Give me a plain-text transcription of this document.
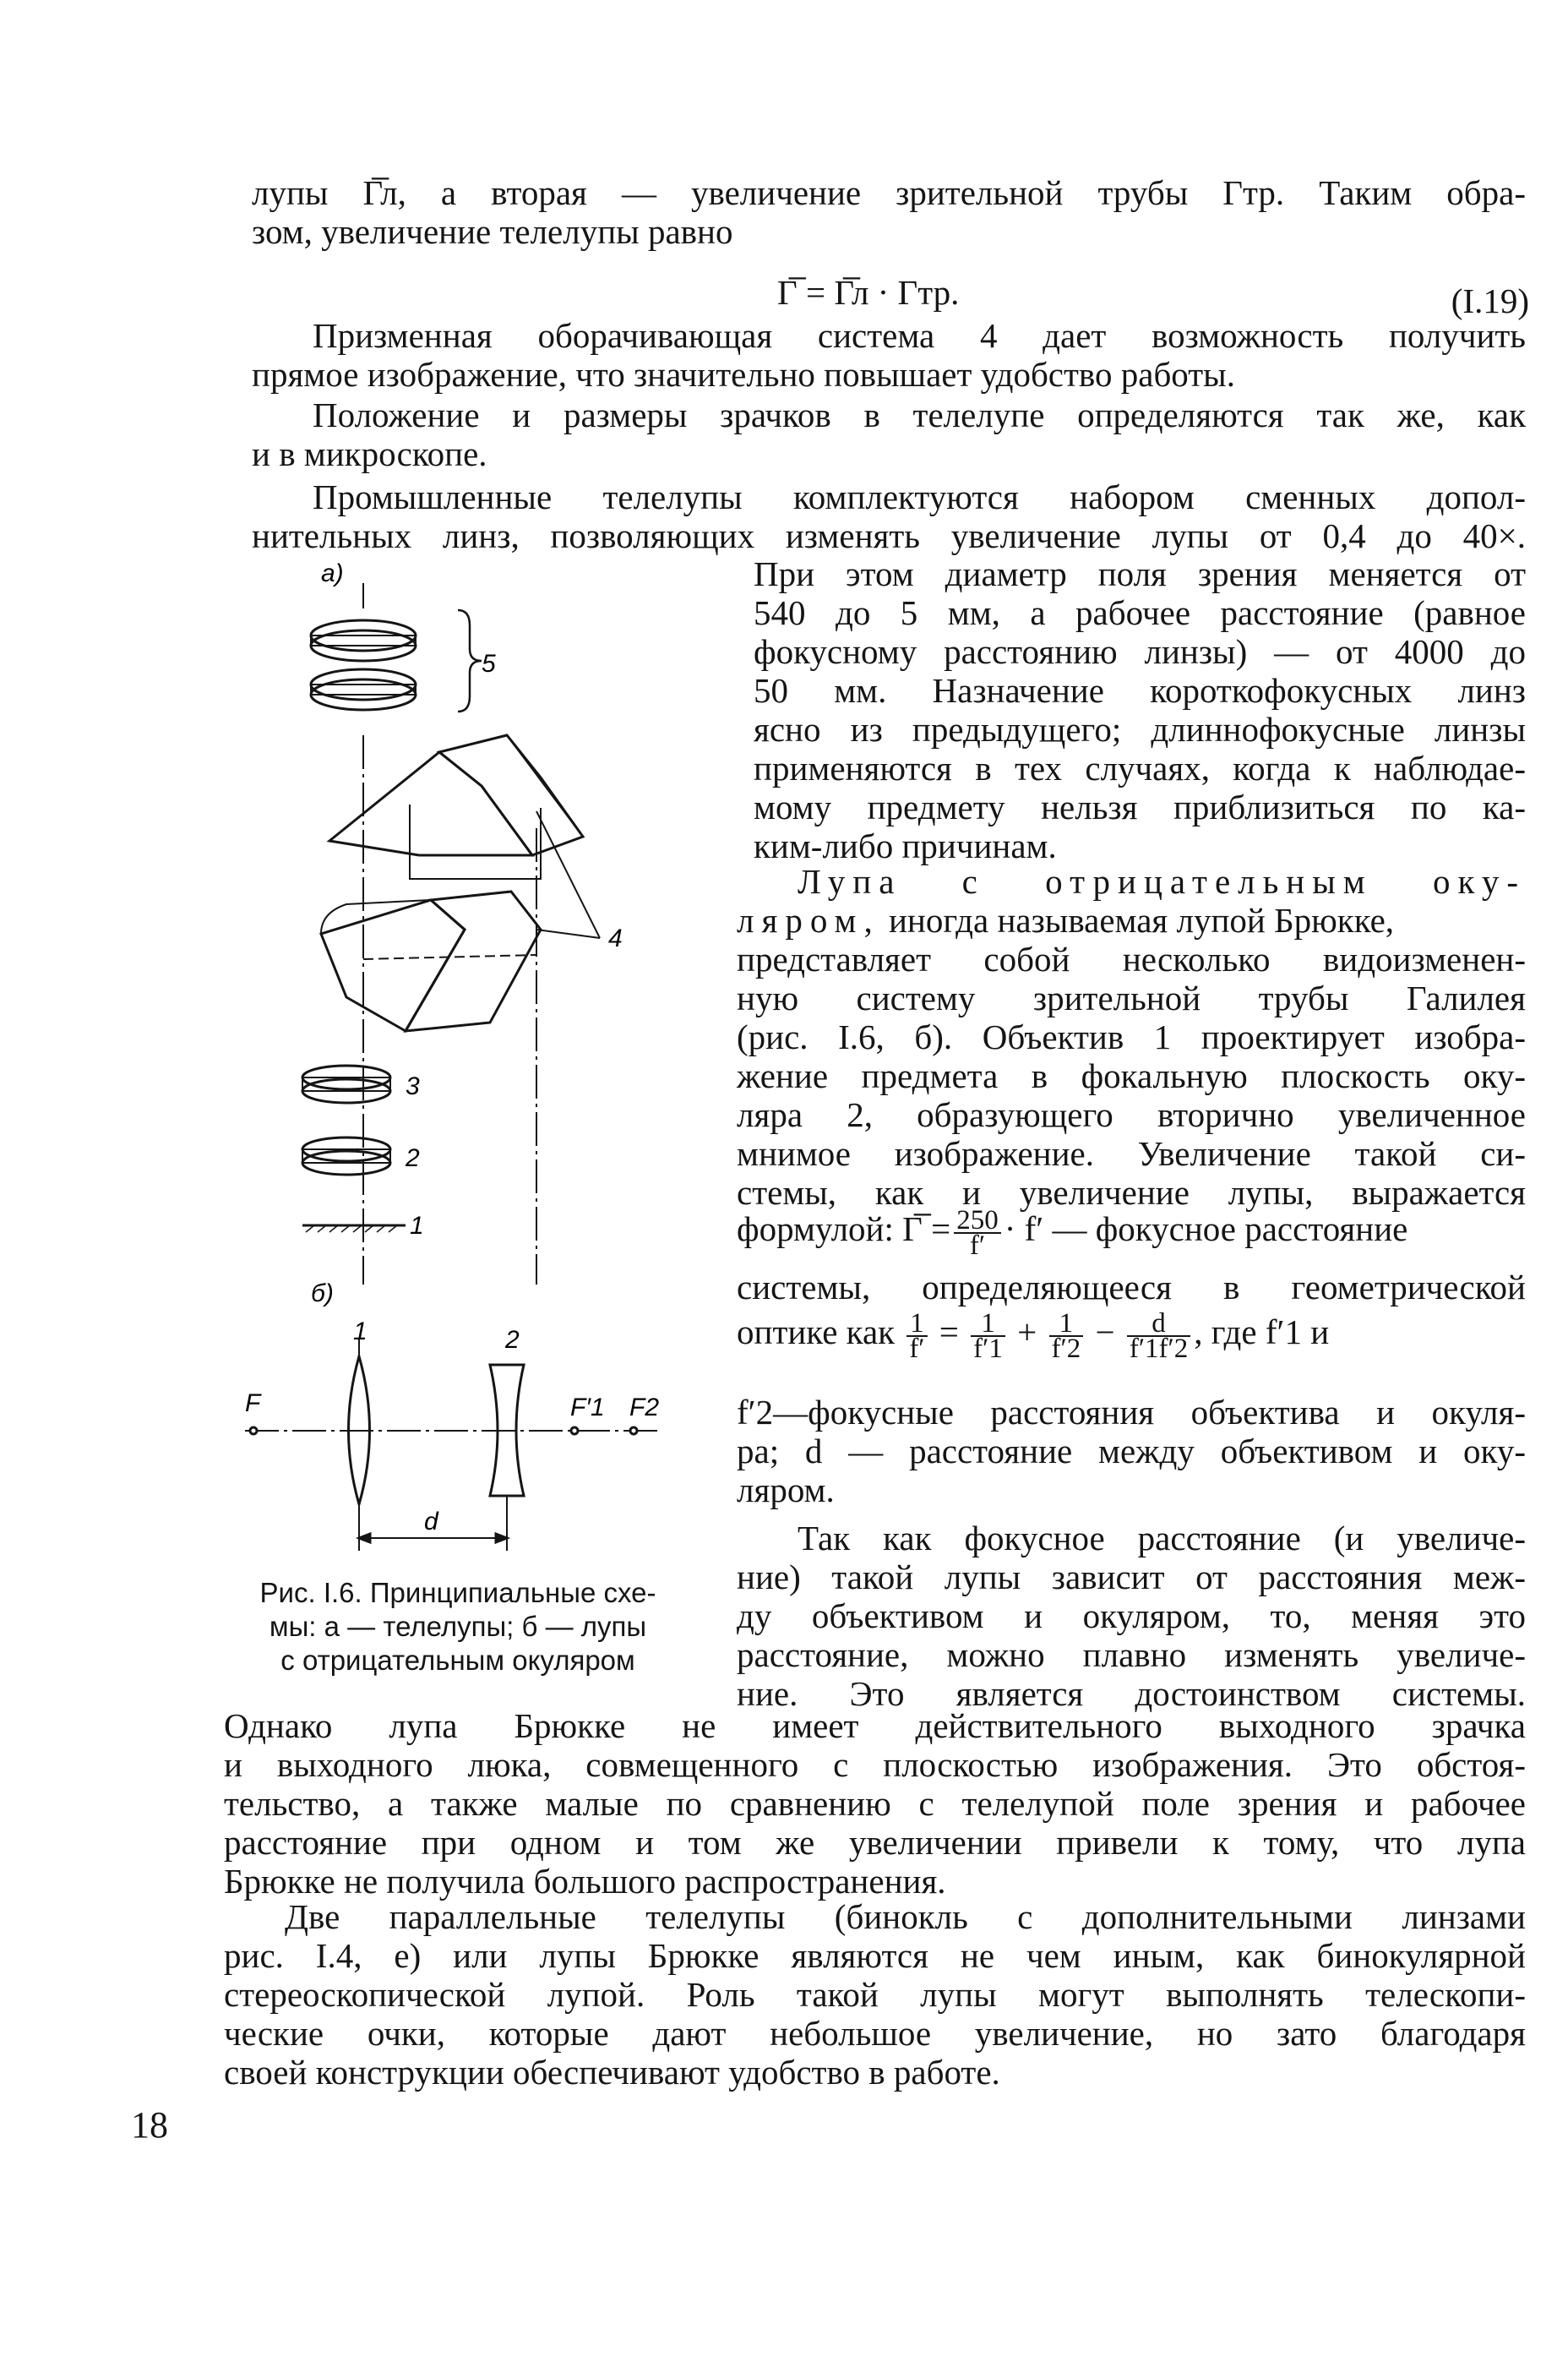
лупы Г̅л, а вторая — увеличение зрительной трубы Гтр. Таким обра-
зом, увеличение телелупы равно
Г̅ = Г̅л · Гтр.	(I.19)
Призменная оборачивающая система 4 дает возможность получить
прямое изображение, что значительно повышает удобство работы.
Положение и размеры зрачков в телелупе определяются так же, как
и в микроскопе.
Промышленные телелупы комплектуются набором сменных допол-
нительных линз, позволяющих изменять увеличение лупы от 0,4 до 40×.
При этом диаметр поля зрения меняется от
540 до 5 мм, а рабочее расстояние (равное
фокусному расстоянию линзы) — от 4000 до
50 мм. Назначение короткофокусных линз
ясно из предыдущего; длиннофокусные линзы
применяются в тех случаях, когда к наблюдае-
мому предмету нельзя приблизиться по ка-
ким-либо причинам.
Лупа с отрицательным оку-
ляром, иногда называемая лупой Брюкке,
представляет собой несколько видоизменен-
ную систему зрительной трубы Галилея
(рис. I.6, б). Объектив 1 проектирует изобра-
жение предмета в фокальную плоскость оку-
ляра 2, образующего вторично увеличенное
мнимое изображение. Увеличение такой си-
стемы, как и увеличение лупы, выражается
формулой: Г̅ = $\frac{250}{f'} \cdot f'$ — фокусное расстояние
системы, определяющееся в геометрической
оптике как $\frac{1}{f'} = \frac{1}{f'1} + \frac{1}{f'2} - \frac{d}{f'1f'2}$ , где f′1 и
f′2—фокусные расстояния объектива и окуля-
ра; d — расстояние между объективом и оку-
ляром.
Так как фокусное расстояние (и увеличе-
ние) такой лупы зависит от расстояния меж-
ду объективом и окуляром, то, меняя это
расстояние, можно плавно изменять увеличе-
ние. Это является достоинством системы.
Рис. I.6. Принципиальные схе-
мы: а — телелупы; б — лупы
с отрицательным окуляром
Однако лупа Брюкке не имеет действительного выходного зрачка
и выходного люка, совмещенного с плоскостью изображения. Это обстоя-
тельство, а также малые по сравнению с телелупой поле зрения и рабочее
расстояние при одном и том же увеличении привели к тому, что лупа
Брюкке не получила большого распространения.
Две параллельные телелупы (бинокль с дополнительными линзами
рис. I.4, е) или лупы Брюкке являются не чем иным, как бинокулярной
стереоскопической лупой. Роль такой лупы могут выполнять телескопи-
ческие очки, которые дают небольшое увеличение, но зато благодаря
своей конструкции обеспечивают удобство в работе.
18
а)
5
4
3
2
1
б)
1	2
F	F′1 F2
d
